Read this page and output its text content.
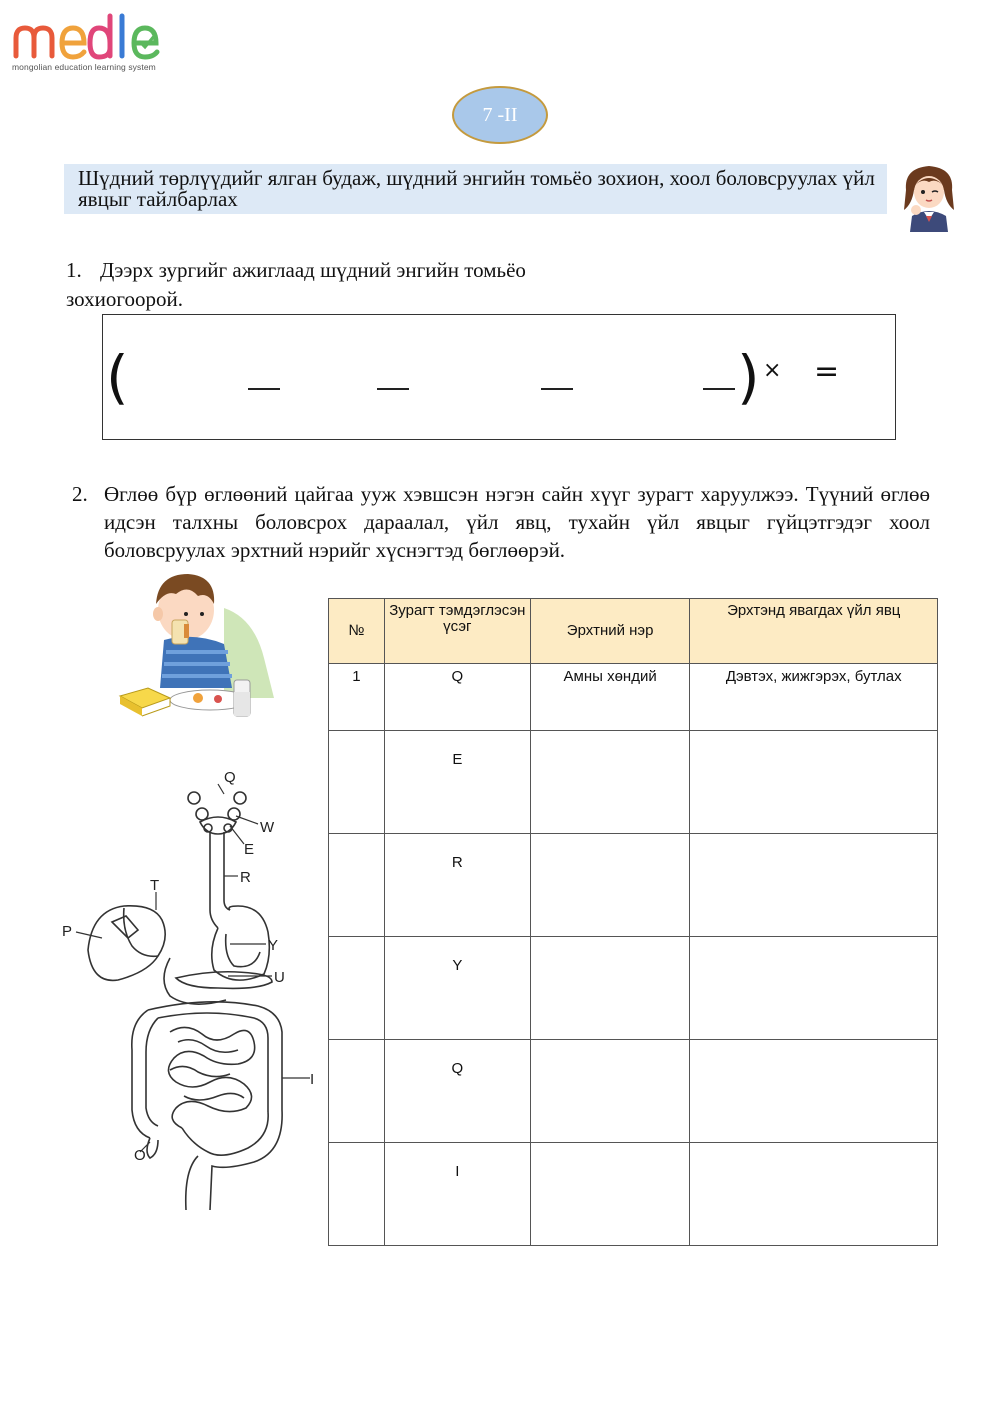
mongolian education learning system
7 -II
Шүдний төрлүүдийг ялган будаж, шүдний энгийн томьёо зохион, хоол боловсруулах үйл явцыг тайлбарлах
1. Дээрх зургийг ажиглаад шүдний энгийн томьёо
зохиогоорой.
(	) × =
2. Өглөө бүр өглөөний цайгаа ууж хэвшсэн нэгэн сайн хүүг зурагт харуулжээ. Түүний өглөө идсэн талхны боловсрох дараалал, үйл явц, тухайн үйл явцыг гүйцэтгэдэг хоол боловсруулах эрхтний нэрийг хүснэгтэд бөглөөрэй.
Q
W
E
R
T
P
Y
U
I
O
№	Зурагт тэмдэглэсэн үсэг	Эрхтний нэр	Эрхтэнд явагдах үйл явц
1	Q	Амны хөндий	Дэвтэх, жижгэрэх, бутлах
	E		
	R		
	Y		
	Q		
	I		
